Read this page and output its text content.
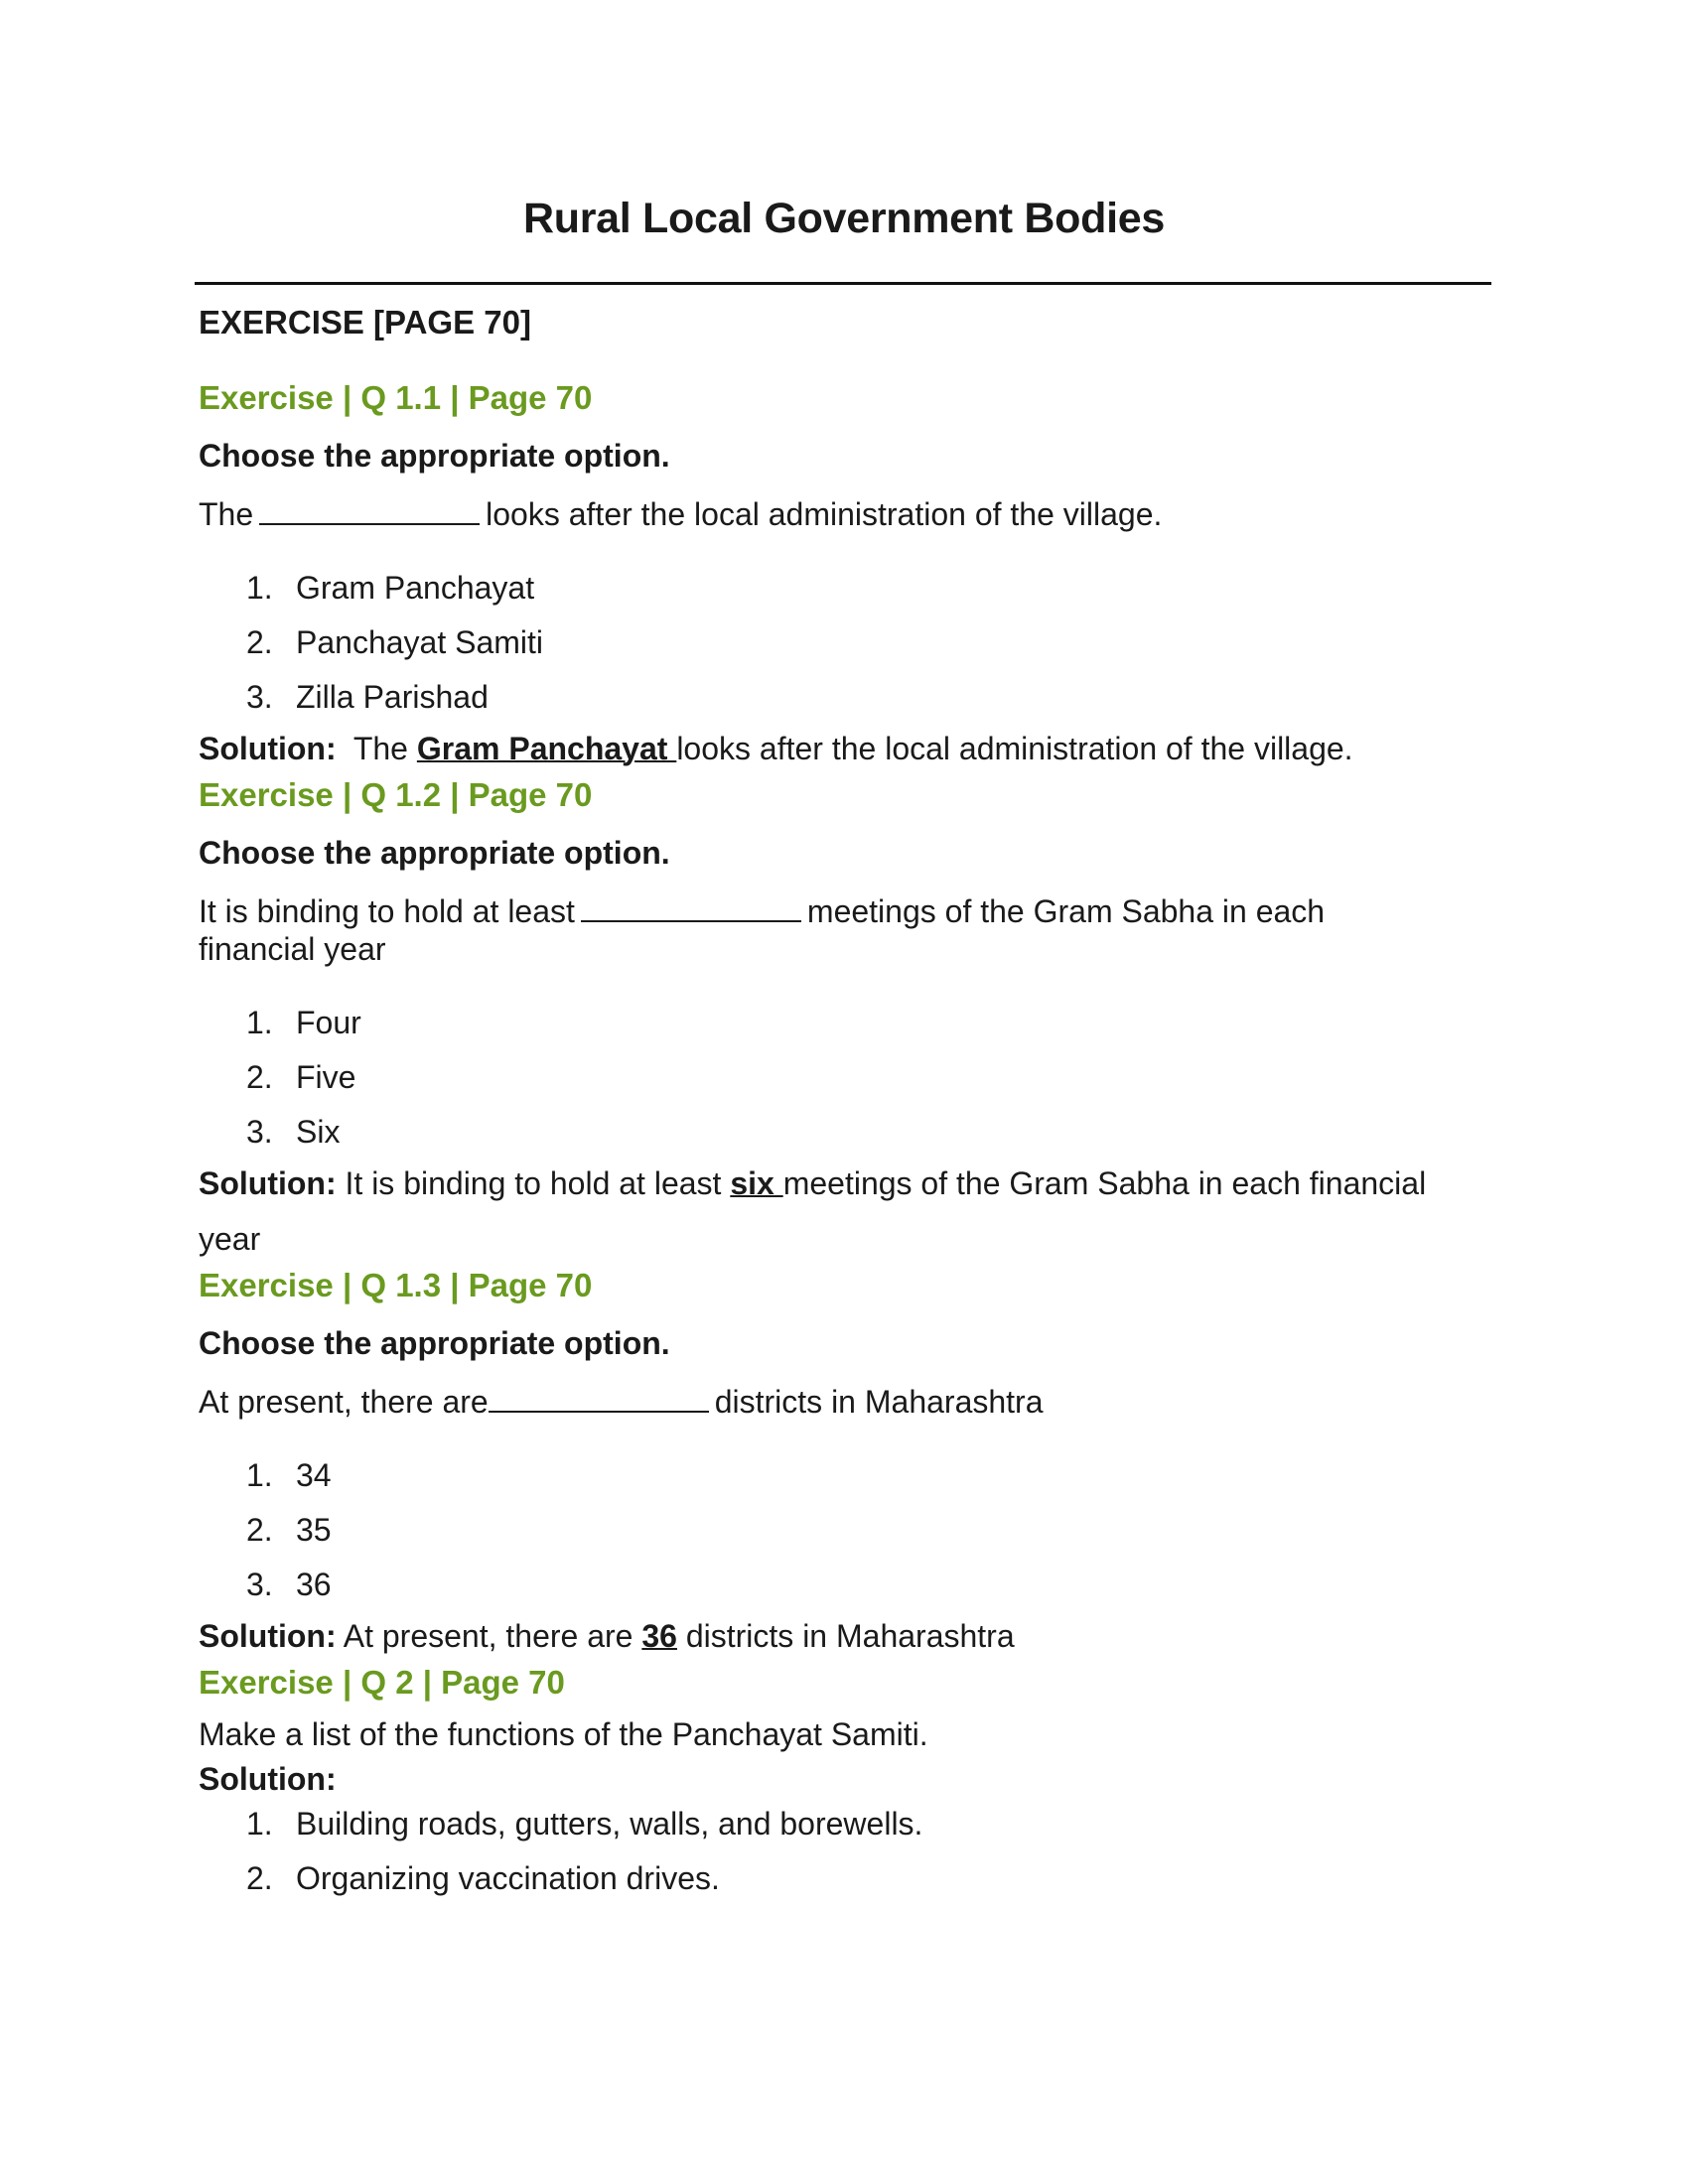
Rural Local Government Bodies
EXERCISE [PAGE 70]
Exercise | Q 1.1 | Page 70
Choose the appropriate option.
The	looks after the local administration of the village.
1. Gram Panchayat
2. Panchayat Samiti
3. Zilla Parishad
Solution: The Gram Panchayat looks after the local administration of the village.
Exercise | Q 1.2 | Page 70
Choose the appropriate option.
It is binding to hold at least	meetings of the Gram Sabha in each financial year
1. Four
2. Five
3. Six
Solution: It is binding to hold at least six meetings of the Gram Sabha in each financial year
Exercise | Q 1.3 | Page 70
Choose the appropriate option.
At present, there are	districts in Maharashtra
1. 34
2. 35
3. 36
Solution: At present, there are 36 districts in Maharashtra
Exercise | Q 2 | Page 70
Make a list of the functions of the Panchayat Samiti.
Solution:
1. Building roads, gutters, walls, and borewells.
2. Organizing vaccination drives.
